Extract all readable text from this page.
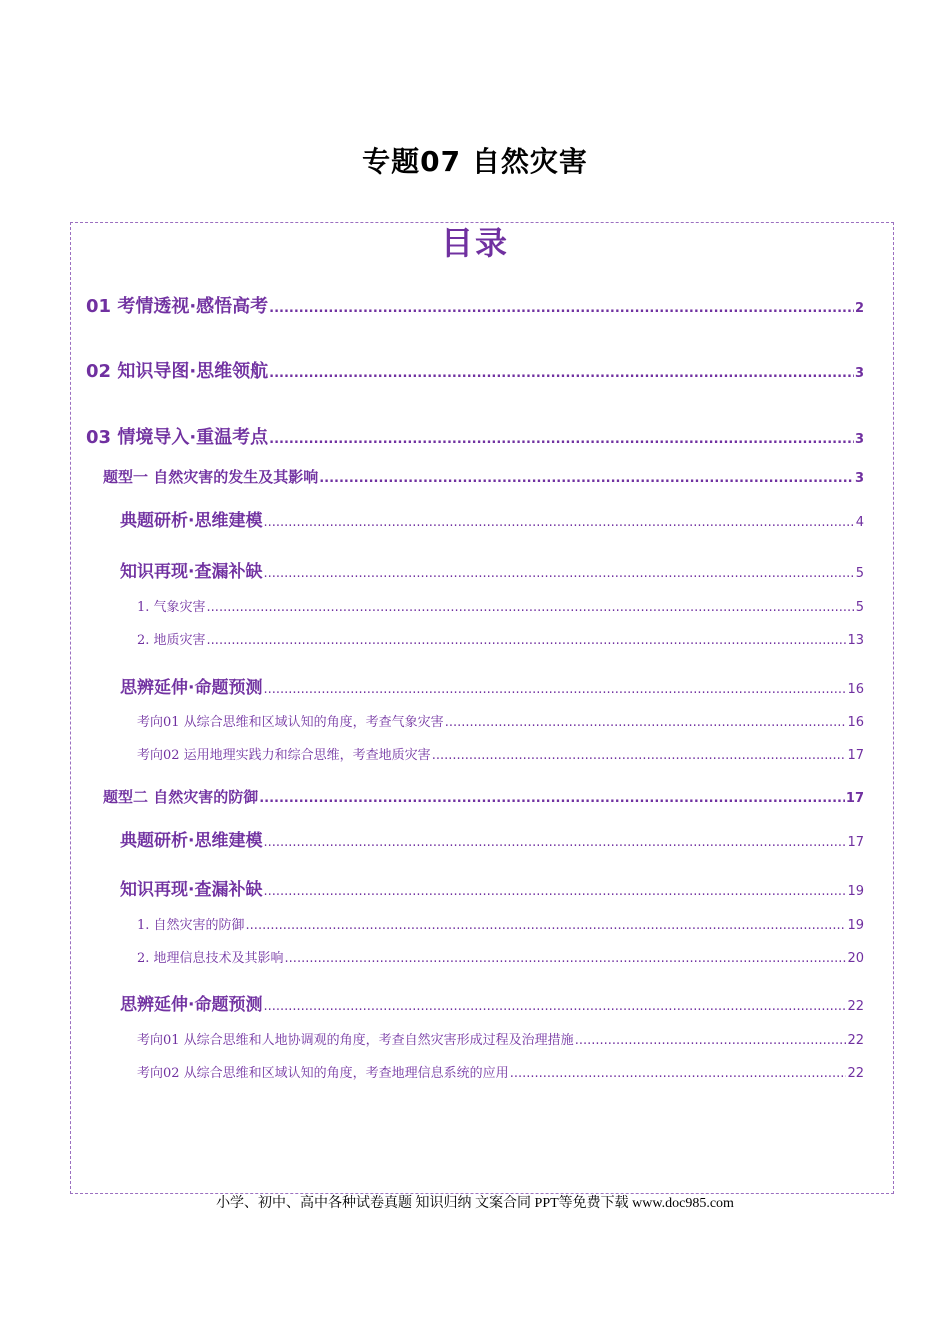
专题07 自然灾害
目录
01 考情透视·感悟高考 .....	2
02 知识导图·思维领航 .....	3
03 情境导入·重温考点 .....	3
题型一 自然灾害的发生及其影响 .....	3
典题研析·思维建模 .....	4
知识再现·查漏补缺 .....	5
1. 气象灾害 .....	5
2. 地质灾害 .....	13
思辨延伸·命题预测 .....	16
考向01 从综合思维和区域认知的角度，考查气象灾害 .....	16
考向02 运用地理实践力和综合思维，考查地质灾害 .....	17
题型二 自然灾害的防御 .....	17
典题研析·思维建模 .....	17
知识再现·查漏补缺 .....	19
1. 自然灾害的防御 .....	19
2. 地理信息技术及其影响 .....	20
思辨延伸·命题预测 .....	22
考向01 从综合思维和人地协调观的角度，考查自然灾害形成过程及治理措施 .....	22
考向02 从综合思维和区域认知的角度，考查地理信息系统的应用 .....	22
小学、初中、高中各种试卷真题 知识归纳 文案合同 PPT等免费下载 www.doc985.com
